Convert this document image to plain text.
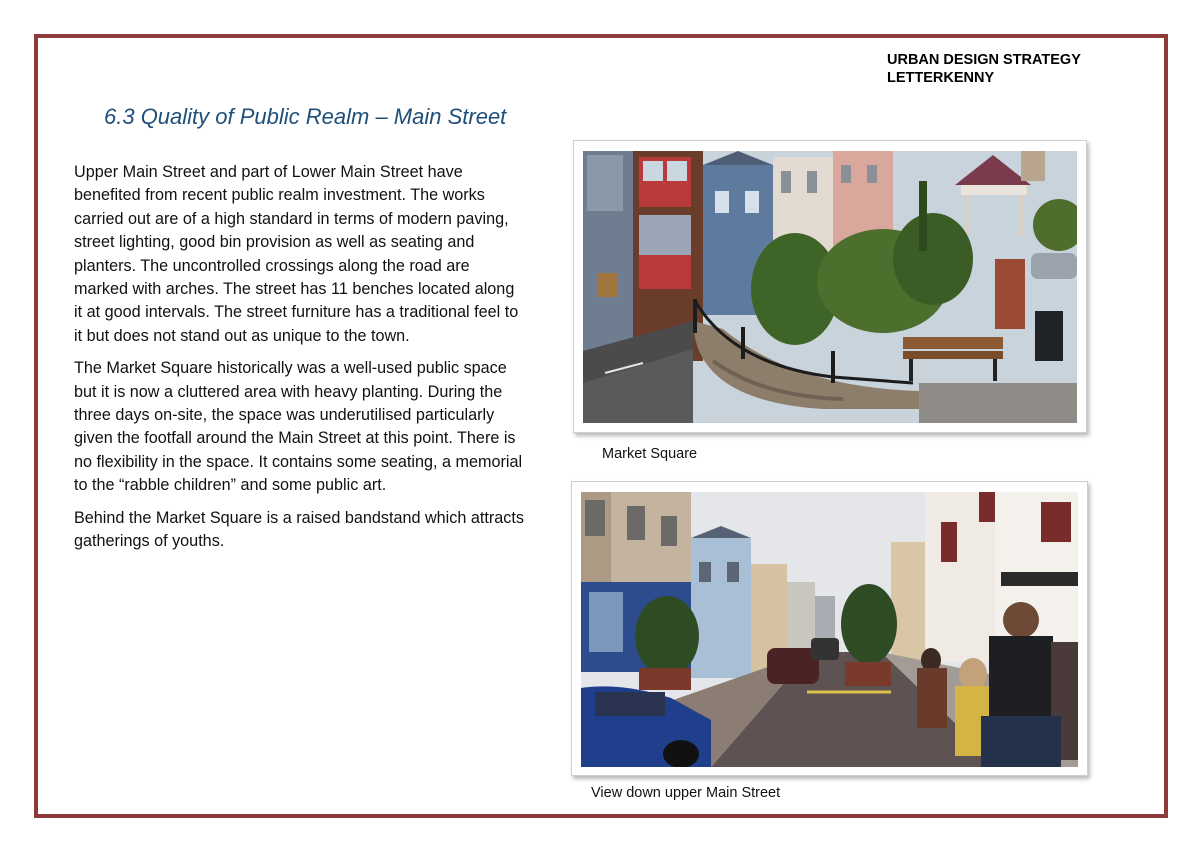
URBAN DESIGN STRATEGY
LETTERKENNY
6.3 Quality of Public Realm – Main Street

Upper Main Street and part of Lower Main Street have benefited from recent public realm investment. The works carried out are of a high standard in terms of modern paving, street lighting, good bin provision as well as seating and planters. The uncontrolled crossings along the road are marked with arches. The street has 11 benches located along it at good intervals. The street furniture has a traditional feel to it but does not stand out as unique to the town.

The Market Square historically was a well-used public space but it is now a cluttered area with heavy planting. During the three days on-site, the space was underutilised particularly given the footfall around the Main Street at this point. There is no flexibility in the space. It contains some seating, a memorial to the “rabble children” and some public art.

Behind the Market Square is a raised bandstand which attracts gatherings of youths.

Market Square
View down upper Main Street
